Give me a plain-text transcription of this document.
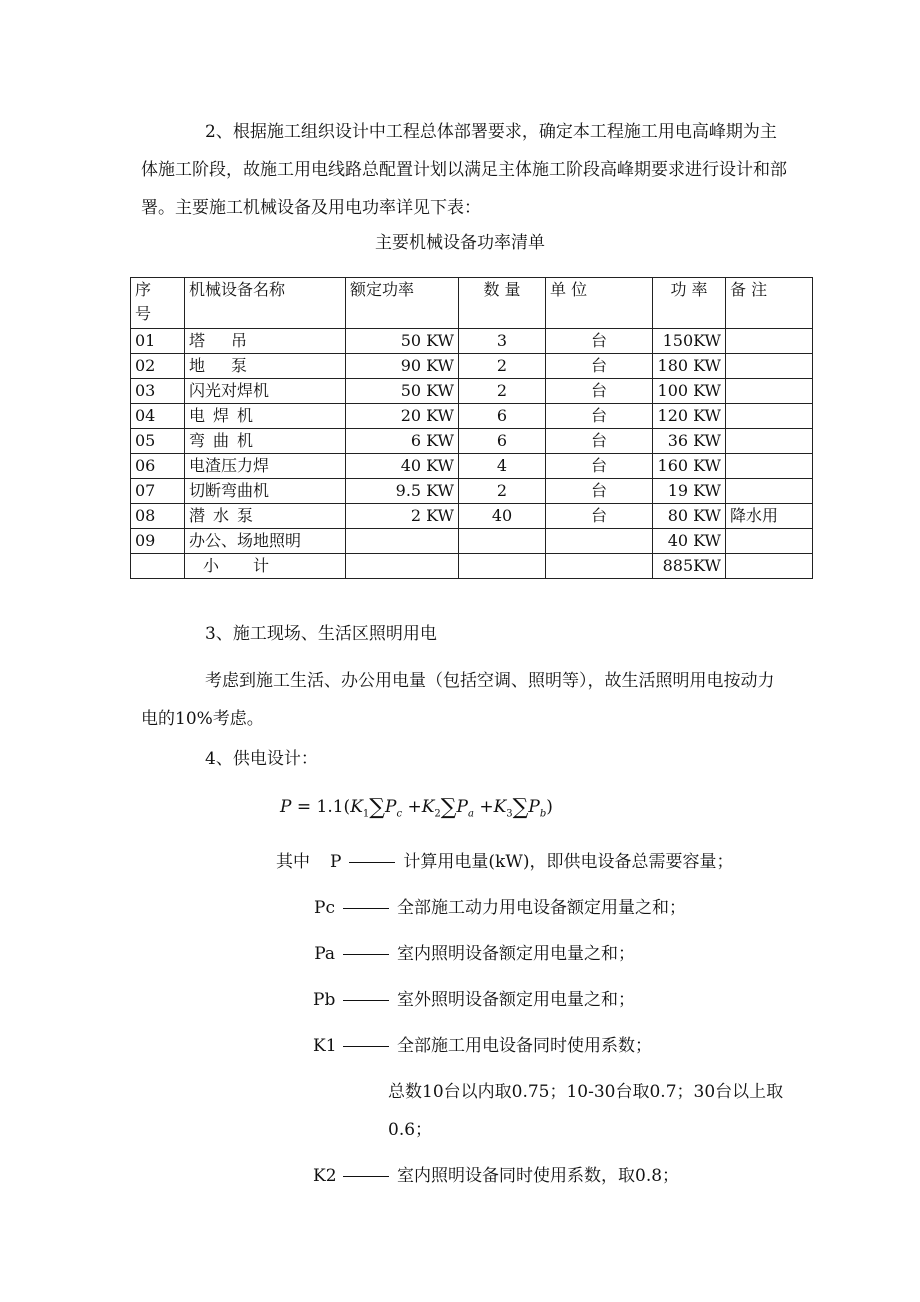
2、根据施工组织设计中工程总体部署要求，确定本工程施工用电高峰期为主体施工阶段，故施工用电线路总配置计划以满足主体施工阶段高峰期要求进行设计和部署。主要施工机械设备及用电功率详见下表：

主要机械设备功率清单
序号	机械设备名称	额定功率	数 量	单 位	功 率	备 注
01	塔吊	50 KW	3	台	150KW	
02	地泵	90 KW	2	台	180 KW	
03	闪光对焊机	50 KW	2	台	100 KW	
04	电焊机	20 KW	6	台	120 KW	
05	弯曲机	6 KW	6	台	36 KW	
06	电渣压力焊	40 KW	4	台	160 KW	
07	切断弯曲机	9.5 KW	2	台	19 KW	
08	潜水泵	2 KW	40	台	80 KW	降水用
09	办公、场地照明				40 KW	
	小计				885KW	
3、施工现场、生活区照明用电

考虑到施工生活、办公用电量（包括空调、照明等），故生活照明用电按动力电的10%考虑。

4、供电设计：
$P = 1.1(K_1\sum P_c +K_2\sum P_a +K_3\sum P_b)$
其中 P	计算用电量(kW)，即供电设备总需要容量；
Pc	全部施工动力用电设备额定用量之和；
Pa	室内照明设备额定用电量之和；
Pb	室外照明设备额定用电量之和；
K1	全部施工用电设备同时使用系数；

总数10台以内取0.75；10-30台取0.7；30台以上取0.6；

K2	室内照明设备同时使用系数，取0.8；
